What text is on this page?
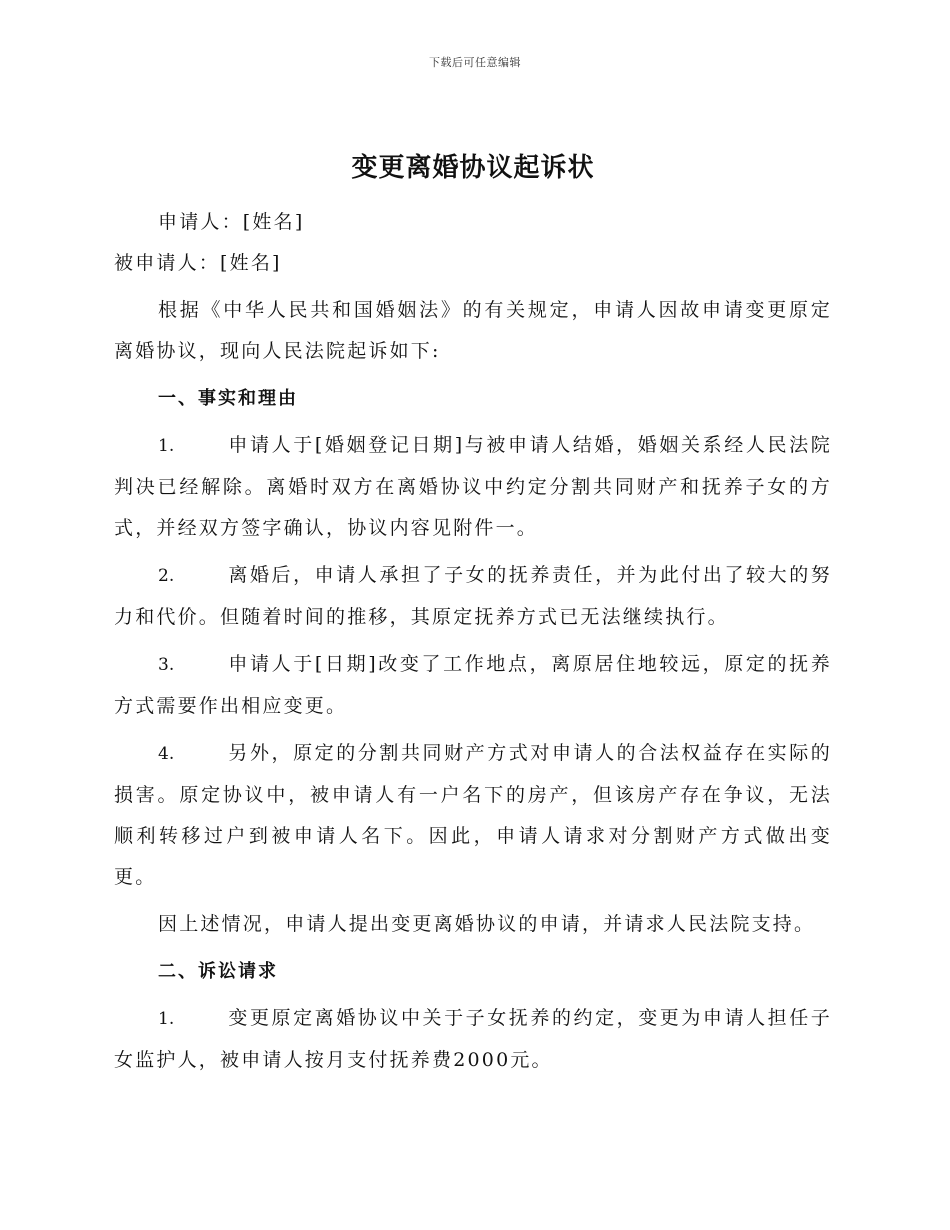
下载后可任意编辑
变更离婚协议起诉状

申请人：[姓名]

被申请人：[姓名]

根据《中华人民共和国婚姻法》的有关规定，申请人因故申请变更原定离婚协议，现向人民法院起诉如下:

一、事实和理由

1.	申请人于[婚姻登记日期]与被申请人结婚，婚姻关系经人民法院判决已经解除。离婚时双方在离婚协议中约定分割共同财产和抚养子女的方式，并经双方签字确认，协议内容见附件一。

2.	离婚后，申请人承担了子女的抚养责任，并为此付出了较大的努力和代价。但随着时间的推移，其原定抚养方式已无法继续执行。

3.	申请人于[日期]改变了工作地点，离原居住地较远，原定的抚养方式需要作出相应变更。

4.	另外，原定的分割共同财产方式对申请人的合法权益存在实际的损害。原定协议中，被申请人有一户名下的房产，但该房产存在争议，无法顺利转移过户到被申请人名下。因此，申请人请求对分割财产方式做出变更。

因上述情况，申请人提出变更离婚协议的申请，并请求人民法院支持。

二、诉讼请求

1.	变更原定离婚协议中关于子女抚养的约定，变更为申请人担任子女监护人，被申请人按月支付抚养费2000元。
